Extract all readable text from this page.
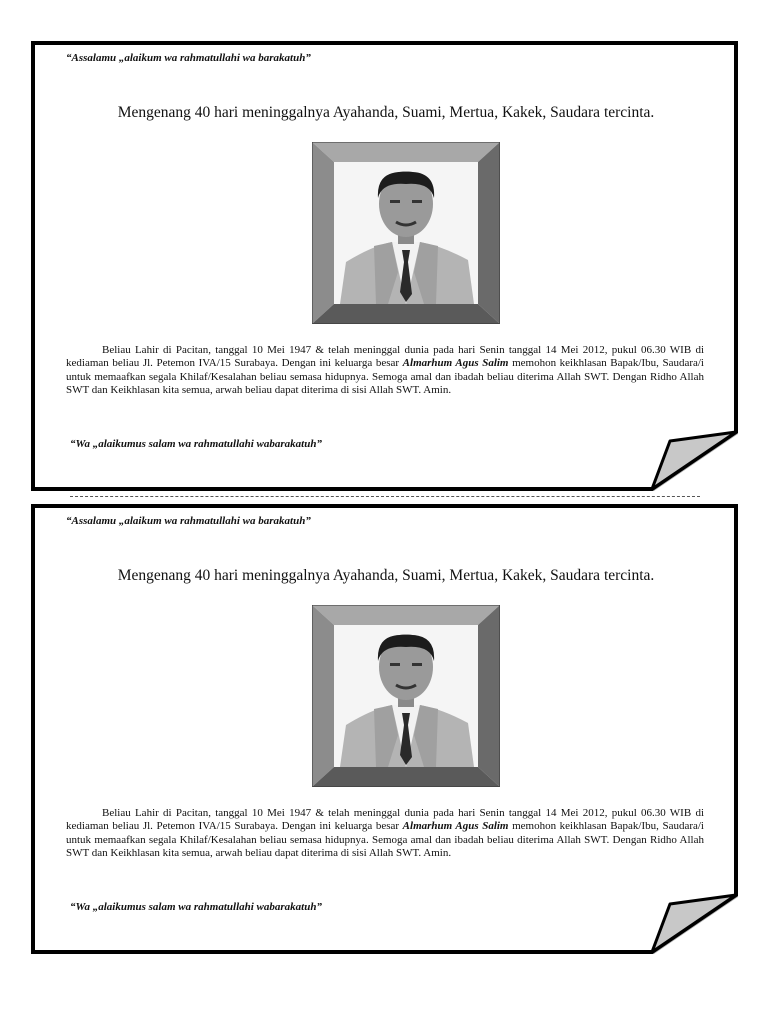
“Assalamu „alaikum wa rahmatullahi wa barakatuh”
Mengenang 40 hari meninggalnya Ayahanda, Suami, Mertua, Kakek, Saudara tercinta.
Beliau Lahir di Pacitan, tanggal 10 Mei 1947 & telah meninggal dunia pada hari Senin tanggal 14 Mei 2012, pukul 06.30 WIB di kediaman beliau Jl. Petemon IVA/15 Surabaya. Dengan ini keluarga besar Almarhum Agus Salim memohon keikhlasan Bapak/Ibu, Saudara/i untuk memaafkan segala Khilaf/Kesalahan beliau semasa hidupnya. Semoga amal dan ibadah beliau diterima Allah SWT. Dengan Ridho Allah SWT dan Keikhlasan kita semua, arwah beliau dapat diterima di sisi Allah SWT. Amin.
“Wa „alaikumus salam wa rahmatullahi wabarakatuh”
“Assalamu „alaikum wa rahmatullahi wa barakatuh”
Mengenang 40 hari meninggalnya Ayahanda, Suami, Mertua, Kakek, Saudara tercinta.
Beliau Lahir di Pacitan, tanggal 10 Mei 1947 & telah meninggal dunia pada hari Senin tanggal 14 Mei 2012, pukul 06.30 WIB di kediaman beliau Jl. Petemon IVA/15 Surabaya. Dengan ini keluarga besar Almarhum Agus Salim memohon keikhlasan Bapak/Ibu, Saudara/i untuk memaafkan segala Khilaf/Kesalahan beliau semasa hidupnya. Semoga amal dan ibadah beliau diterima Allah SWT. Dengan Ridho Allah SWT dan Keikhlasan kita semua, arwah beliau dapat diterima di sisi Allah SWT. Amin.
“Wa „alaikumus salam wa rahmatullahi wabarakatuh”
